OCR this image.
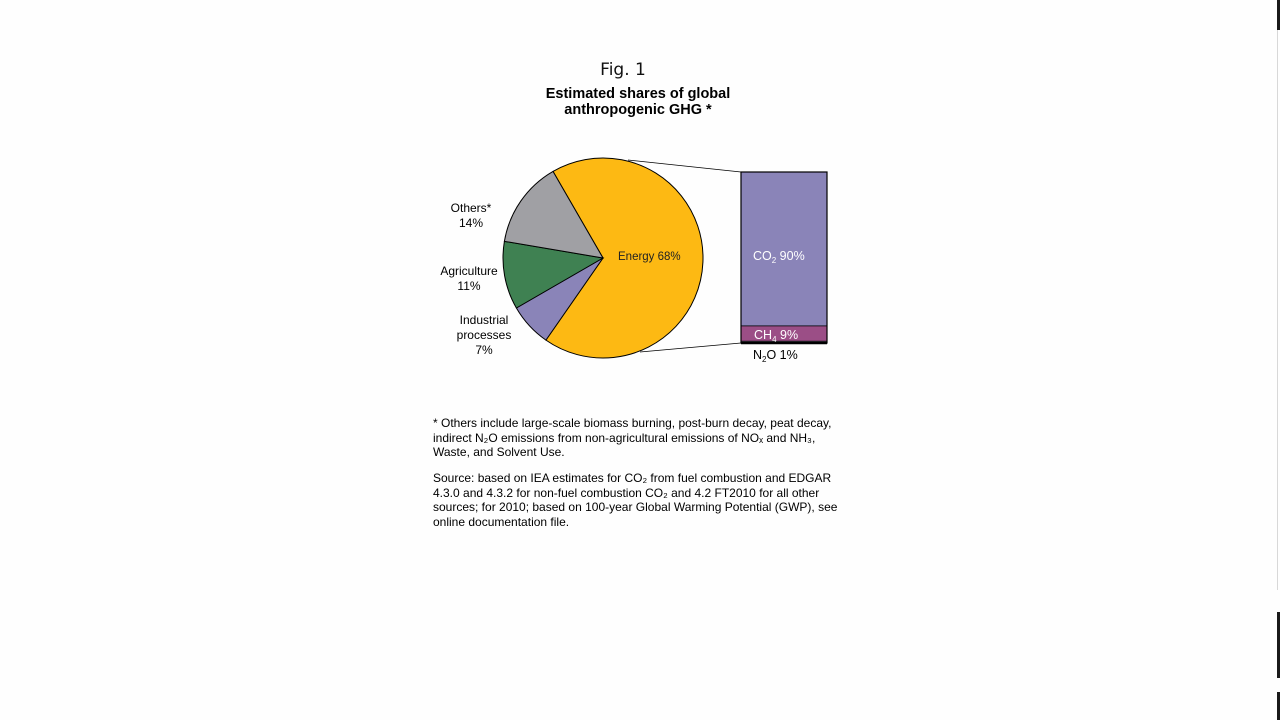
Fig. 1
Estimated shares of global
anthropogenic GHG *
Energy 68%
Industrial processes 7%
Agriculture 11%
Others* 14%
$CO_2$ 90%
$CH_4$ 9%
$N_2O$ 1%
* Others include large-scale biomass burning, post-burn decay, peat decay, indirect N₂O emissions from non-agricultural emissions of NOₓ and NH₃, Waste, and Solvent Use.
Source: based on IEA estimates for CO₂ from fuel combustion and EDGAR 4.3.0 and 4.3.2 for non-fuel combustion CO₂ and 4.2 FT2010 for all other sources; for 2010; based on 100-year Global Warming Potential (GWP), see online documentation file.
